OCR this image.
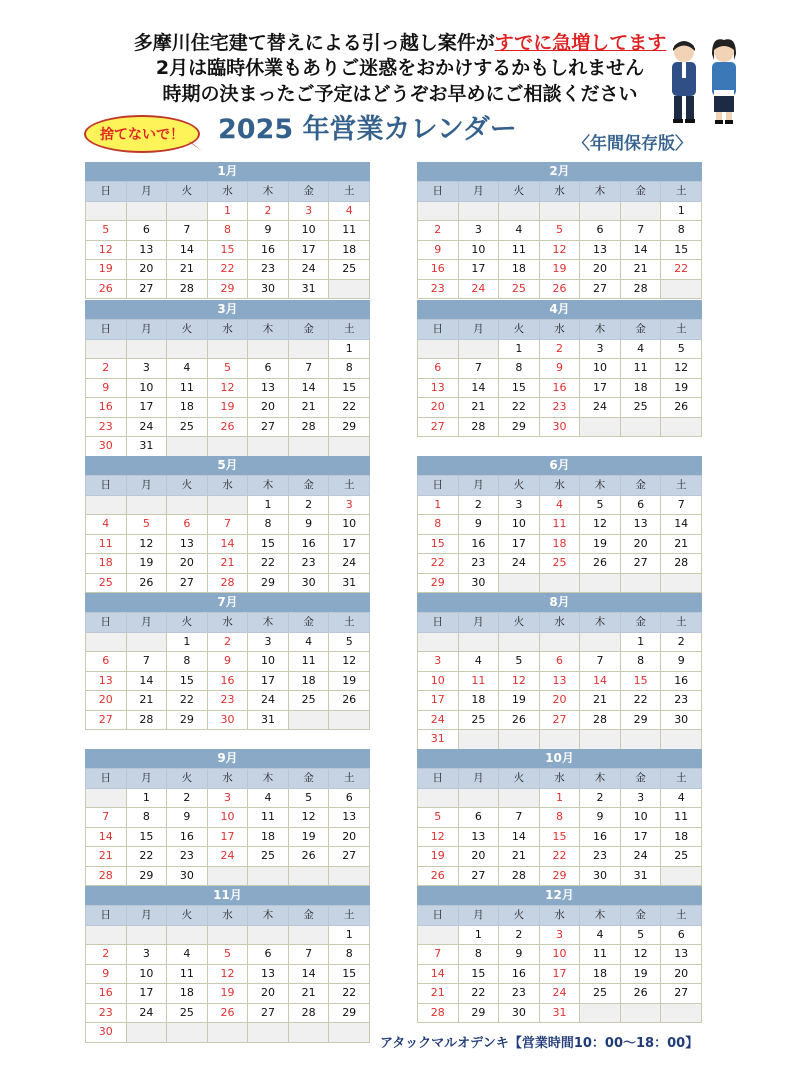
多摩川住宅建て替えによる引っ越し案件がすでに急増してます
2月は臨時休業もありご迷惑をおかけするかもしれません
時期の決まったご予定はどうぞお早めにご相談ください
捨てないで！	2025 年営業カレンダー	〈年間保存版〉
1月
日	月	火	水	木	金	土
			1	2	3	4
5	6	7	8	9	10	11
12	13	14	15	16	17	18
19	20	21	22	23	24	25
26	27	28	29	30	31	
2月
日	月	火	水	木	金	土
						1
2	3	4	5	6	7	8
9	10	11	12	13	14	15
16	17	18	19	20	21	22
23	24	25	26	27	28	
3月
日	月	火	水	木	金	土
						1
2	3	4	5	6	7	8
9	10	11	12	13	14	15
16	17	18	19	20	21	22
23	24	25	26	27	28	29
30	31					
4月
日	月	火	水	木	金	土
		1	2	3	4	5
6	7	8	9	10	11	12
13	14	15	16	17	18	19
20	21	22	23	24	25	26
27	28	29	30			
5月
日	月	火	水	木	金	土
				1	2	3
4	5	6	7	8	9	10
11	12	13	14	15	16	17
18	19	20	21	22	23	24
25	26	27	28	29	30	31
6月
日	月	火	水	木	金	土
1	2	3	4	5	6	7
8	9	10	11	12	13	14
15	16	17	18	19	20	21
22	23	24	25	26	27	28
29	30					
7月
日	月	火	水	木	金	土
		1	2	3	4	5
6	7	8	9	10	11	12
13	14	15	16	17	18	19
20	21	22	23	24	25	26
27	28	29	30	31		
8月
日	月	火	水	木	金	土
					1	2
3	4	5	6	7	8	9
10	11	12	13	14	15	16
17	18	19	20	21	22	23
24	25	26	27	28	29	30
31						
9月
日	月	火	水	木	金	土
	1	2	3	4	5	6
7	8	9	10	11	12	13
14	15	16	17	18	19	20
21	22	23	24	25	26	27
28	29	30				
10月
日	月	火	水	木	金	土
			1	2	3	4
5	6	7	8	9	10	11
12	13	14	15	16	17	18
19	20	21	22	23	24	25
26	27	28	29	30	31	
11月
日	月	火	水	木	金	土
						1
2	3	4	5	6	7	8
9	10	11	12	13	14	15
16	17	18	19	20	21	22
23	24	25	26	27	28	29
30						
12月
日	月	火	水	木	金	土
	1	2	3	4	5	6
7	8	9	10	11	12	13
14	15	16	17	18	19	20
21	22	23	24	25	26	27
28	29	30	31			
アタックマルオデンキ【営業時間10：00～18：00】
